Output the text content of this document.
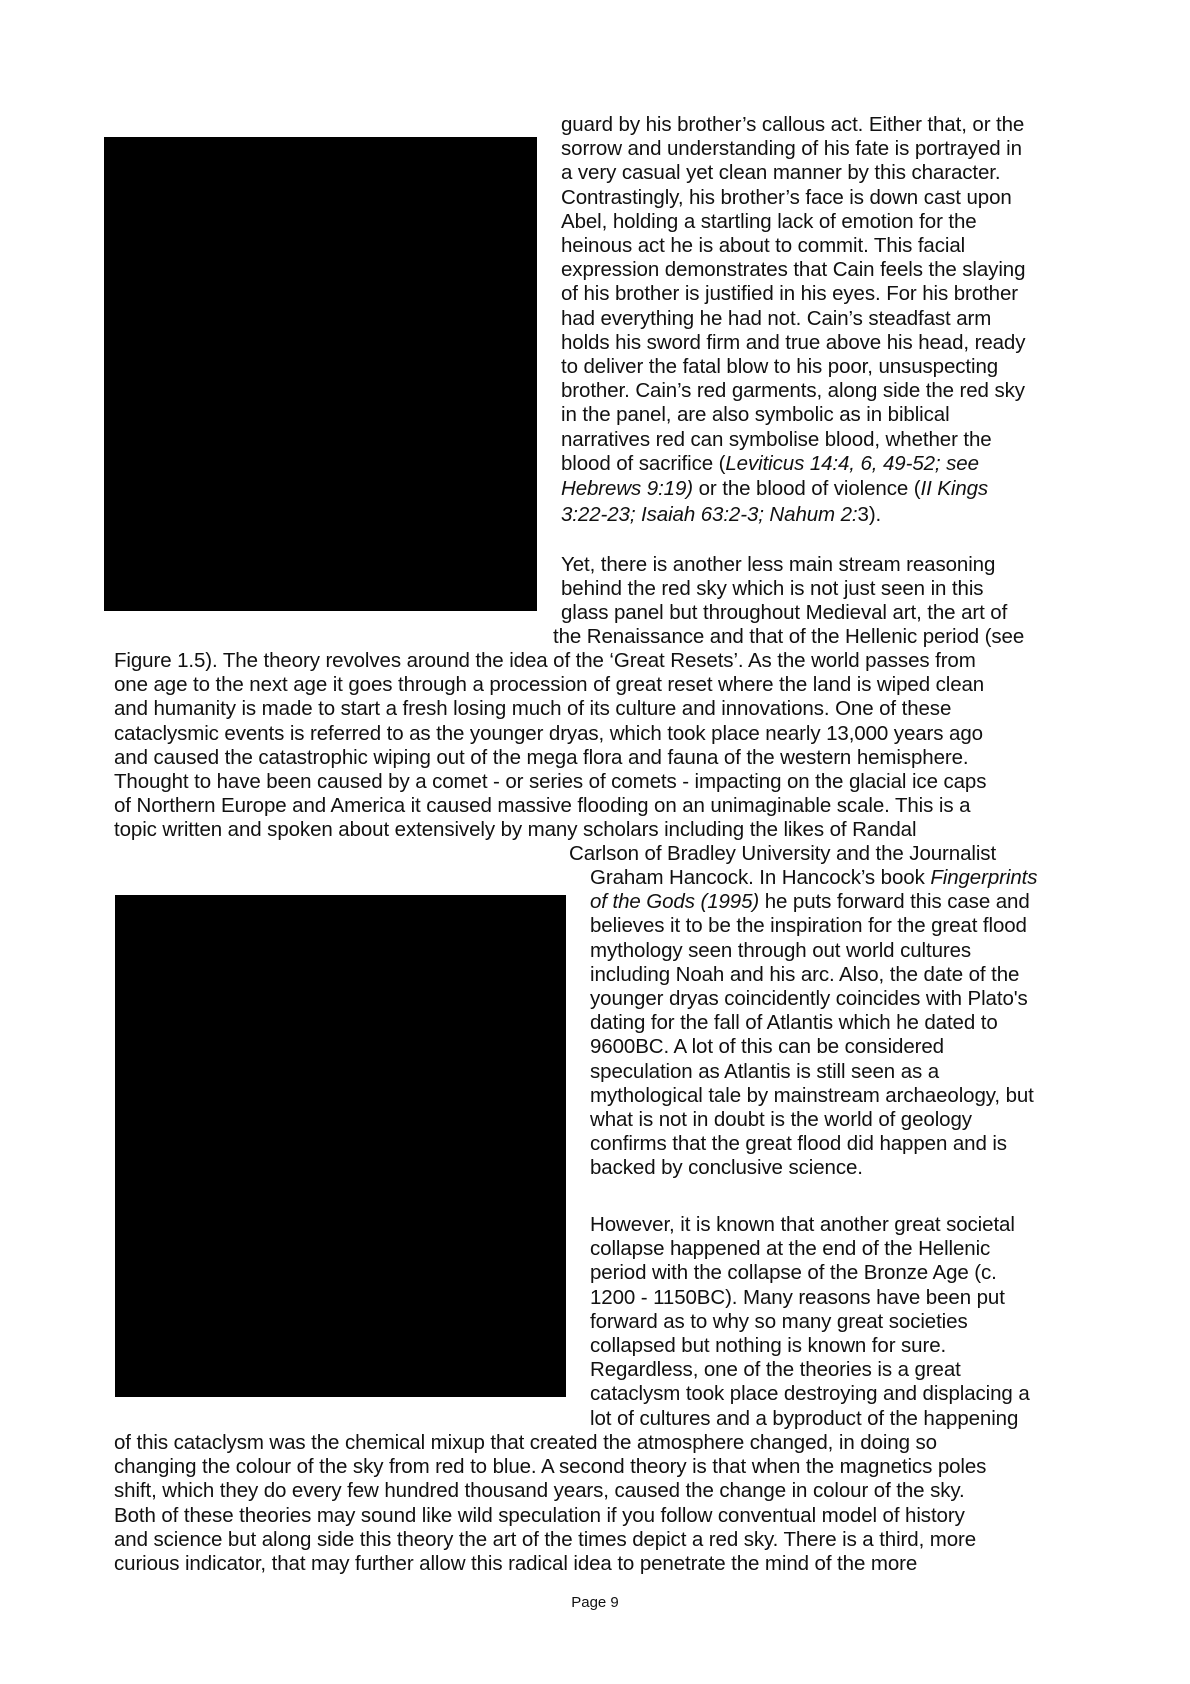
guard by his brother’s callous act. Either that, or the
sorrow and understanding of his fate is portrayed in
a very casual yet clean manner by this character.
Contrastingly, his brother’s face is down cast upon
Abel, holding a startling lack of emotion for the
heinous act he is about to commit. This facial
expression demonstrates that Cain feels the slaying
of his brother is justified in his eyes. For his brother
had everything he had not. Cain’s steadfast arm
holds his sword firm and true above his head, ready
to deliver the fatal blow to his poor, unsuspecting
brother. Cain’s red garments, along side the red sky
in the panel, are also symbolic as in biblical
narratives red can symbolise blood, whether the
blood of sacrifice (Leviticus 14:4, 6, 49-52; see
Hebrews 9:19) or the blood of violence (II Kings
3:22-23; Isaiah 63:2-3; Nahum 2:3).
Yet, there is another less main stream reasoning
behind the red sky which is not just seen in this
glass panel but throughout Medieval art, the art of
the Renaissance and that of the Hellenic period (see
Figure 1.5). The theory revolves around the idea of the ‘Great Resets’. As the world passes from
one age to the next age it goes through a procession of great reset where the land is wiped clean
and humanity is made to start a fresh losing much of its culture and innovations. One of these
cataclysmic events is referred to as the younger dryas, which took place nearly 13,000 years ago
and caused the catastrophic wiping out of the mega flora and fauna of the western hemisphere.
Thought to have been caused by a comet - or series of comets - impacting on the glacial ice caps
of Northern Europe and America it caused massive flooding on an unimaginable scale. This is a
topic written and spoken about extensively by many scholars including the likes of Randal
Carlson of Bradley University and the Journalist
Graham Hancock. In Hancock’s book Fingerprints
of the Gods (1995) he puts forward this case and
believes it to be the inspiration for the great flood
mythology seen through out world cultures
including Noah and his arc. Also, the date of the
younger dryas coincidently coincides with Plato's
dating for the fall of Atlantis which he dated to
9600BC. A lot of this can be considered
speculation as Atlantis is still seen as a
mythological tale by mainstream archaeology, but
what is not in doubt is the world of geology
confirms that the great flood did happen and is
backed by conclusive science.
However, it is known that another great societal
collapse happened at the end of the Hellenic
period with the collapse of the Bronze Age (c.
1200 - 1150BC). Many reasons have been put
forward as to why so many great societies
collapsed but nothing is known for sure.
Regardless, one of the theories is a great
cataclysm took place destroying and displacing a
lot of cultures and a byproduct of the happening
of this cataclysm was the chemical mixup that created the atmosphere changed, in doing so
changing the colour of the sky from red to blue. A second theory is that when the magnetics poles
shift, which they do every few hundred thousand years, caused the change in colour of the sky.
Both of these theories may sound like wild speculation if you follow conventual model of history
and science but along side this theory the art of the times depict a red sky. There is a third, more
curious indicator, that may further allow this radical idea to penetrate the mind of the more
Page 9
